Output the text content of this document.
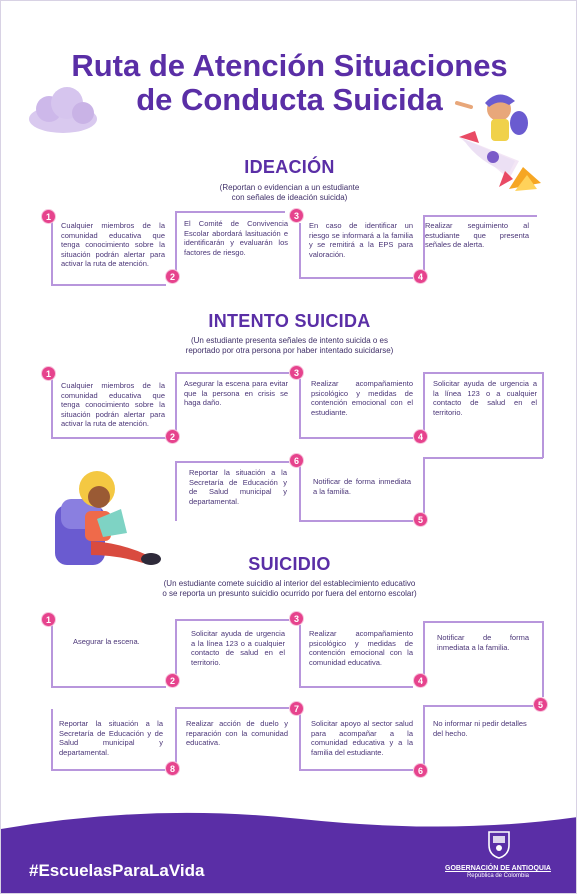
Ruta de Atención Situaciones
de Conducta Suicida
IDEACIÓN
(Reportan o evidencian a un estudiante
con señales de ideación suicida)
1
2
3
4
Cualquier miembros de la comunidad educativa que tenga conocimiento sobre la situación podrán alertar para activar la ruta de atención.
El Comité de Convivencia Escolar abordará lasituación e identificarán y evaluarán los factores de riesgo.
En caso de identificar un riesgo se informará a la familia y se remitirá a la EPS para valoración.
Realizar seguimiento al estudiante que presenta señales de alerta.
INTENTO SUICIDA
(Un estudiante presenta señales de intento suicida o es
reportado por otra persona por haber intentado suicidarse)
1
2
3
4
5
6
Cualquier miembros de la comunidad educativa que tenga conocimiento sobre la situación podrán alertar para activar la ruta de atención.
Asegurar la escena para evitar que la persona en crisis se haga daño.
Realizar acompañamiento psicológico y medidas de contención emocional con el estudiante.
Solicitar ayuda de urgencia a la línea 123 o a cualquier contacto de salud en el territorio.
Notificar de forma inmediata a la familia.
Reportar la situación a la Secretaría de Educación y de Salud municipal y departamental.
SUICIDIO
(Un estudiante comete suicidio al interior del establecimiento educativo
o se reporta un presunto suicidio ocurrido por fuera del entorno escolar)
1
2
3
4
5
6
7
8
Asegurar la escena.
Solicitar ayuda de urgencia a la línea 123 o a cualquier contacto de salud en el territorio.
Realizar acompañamiento psicológico y medidas de contención emocional con la comunidad educativa.
Notificar de forma inmediata a la familia.
No informar ni pedir detalles del hecho.
Solicitar apoyo al sector salud para acompañar a la comunidad educativa y a la familia del estudiante.
Realizar acción de duelo y reparación con la comunidad educativa.
Reportar la situación a la Secretaría de Educación y de Salud municipal y departamental.
#EscuelasParaLaVida	GOBERNACIÓN DE ANTIOQUIA
República de Colombia
